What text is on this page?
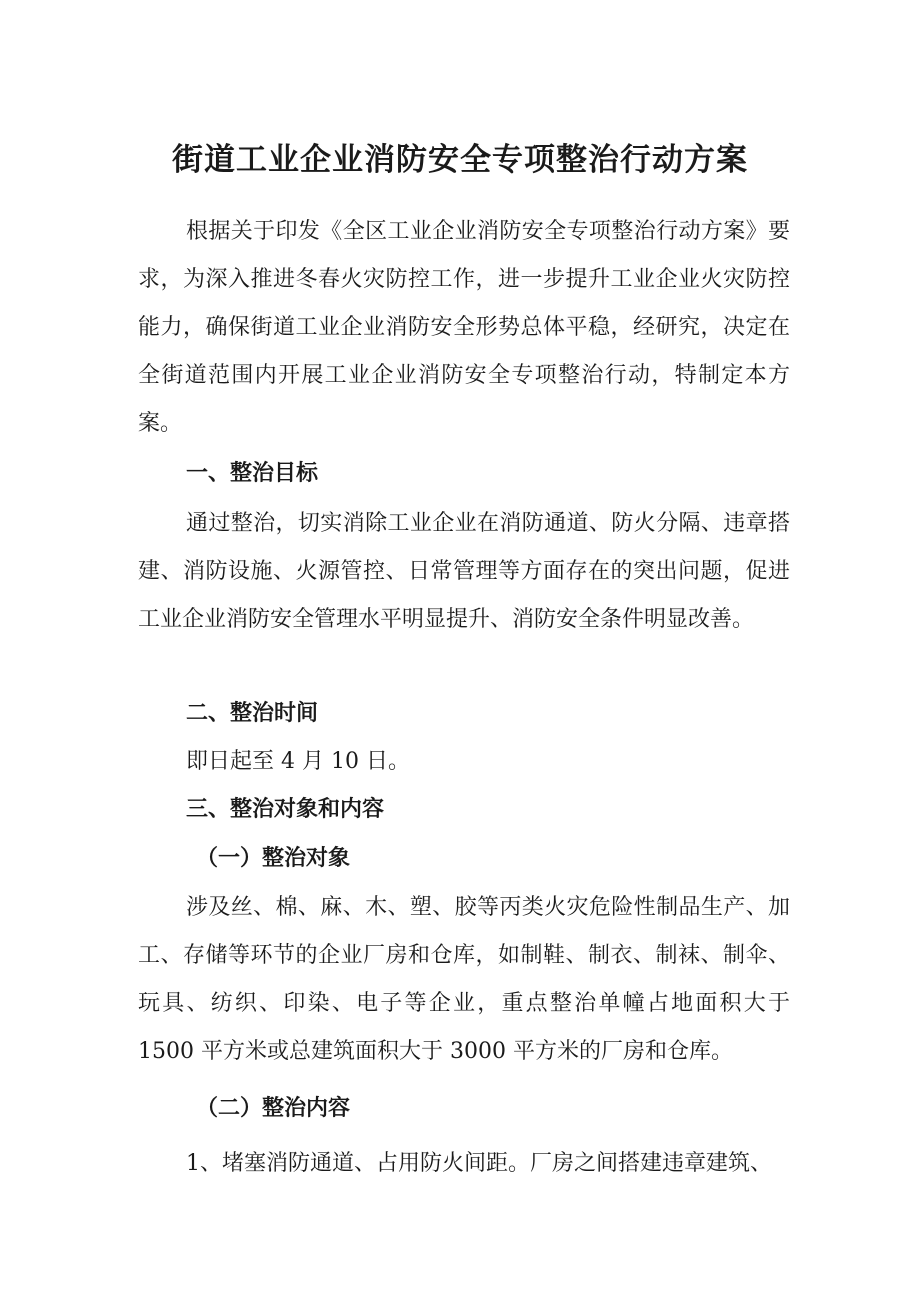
街道工业企业消防安全专项整治行动方案

根据关于印发《全区工业企业消防安全专项整治行动方案》要求，为深入推进冬春火灾防控工作，进一步提升工业企业火灾防控能力，确保街道工业企业消防安全形势总体平稳，经研究，决定在全街道范围内开展工业企业消防安全专项整治行动，特制定本方案。

一、整治目标

通过整治，切实消除工业企业在消防通道、防火分隔、违章搭建、消防设施、火源管控、日常管理等方面存在的突出问题，促进工业企业消防安全管理水平明显提升、消防安全条件明显改善。

二、整治时间

即日起至 4 月 10 日。

三、整治对象和内容
（一）整治对象

涉及丝、棉、麻、木、塑、胶等丙类火灾危险性制品生产、加工、存储等环节的企业厂房和仓库，如制鞋、制衣、制袜、制伞、玩具、纺织、印染、电子等企业，重点整治单幢占地面积大于 1500 平方米或总建筑面积大于 3000 平方米的厂房和仓库。

（二）整治内容

1、堵塞消防通道、占用防火间距。厂房之间搭建违章建筑、
